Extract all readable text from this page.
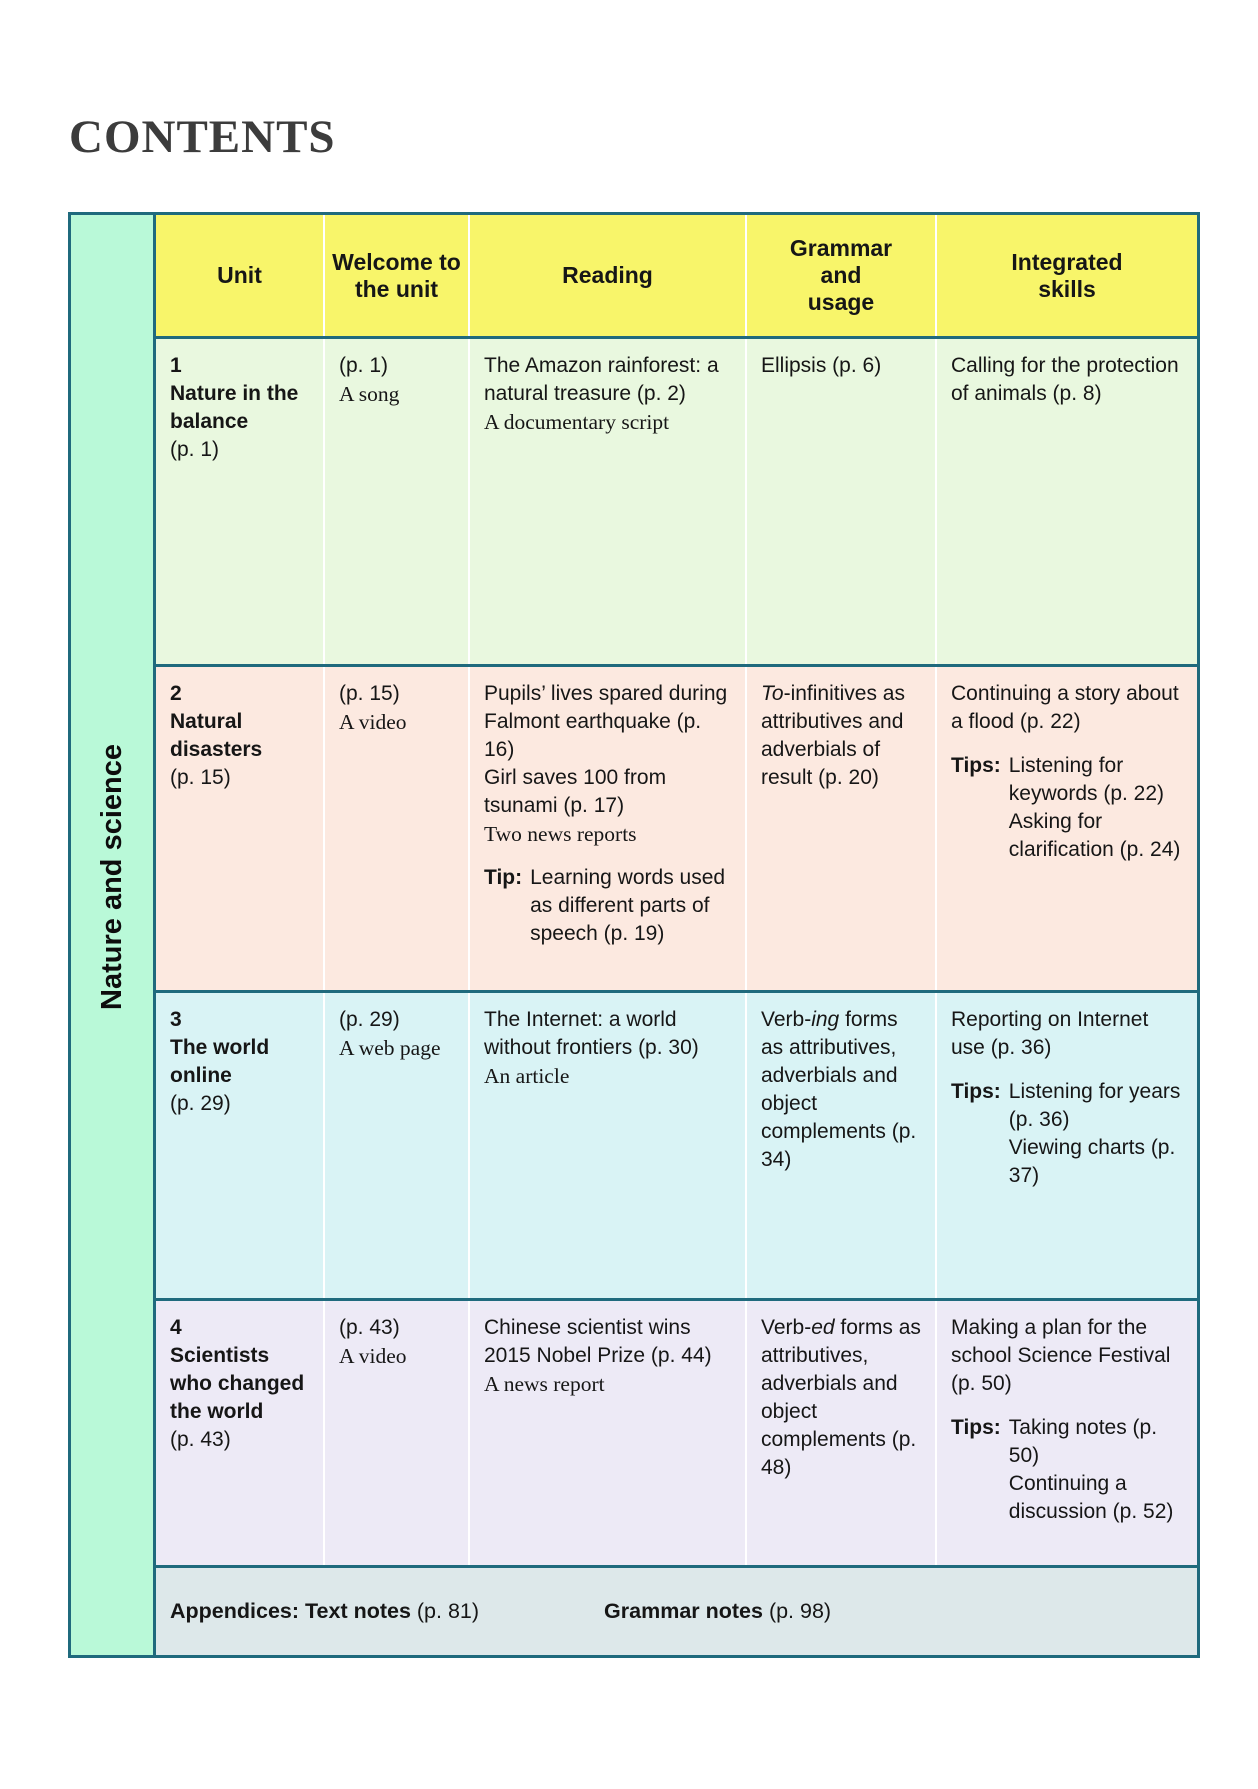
CONTENTS
Nature and science
Unit
Welcome to
the unit
Reading
Grammar
and
usage
Integrated
skills
1
Nature in the balance
(p. 1)
(p. 1)
A song
The Amazon rainforest: a natural treasure (p. 2)
A documentary script
Ellipsis (p. 6)	Calling for the protection of animals (p. 8)
2
Natural disasters
(p. 15)
(p. 15)
A video
Pupils’ lives spared during Falmont earthquake (p. 16)
Girl saves 100 from tsunami (p. 17)
Two news reports
Tip: Learning words used as different parts of speech (p. 19)
To-infinitives as attributives and adverbials of result (p. 20)
Continuing a story about a flood (p. 22)
Tips: Listening for keywords (p. 22)
Asking for clarification (p. 24)
3
The world online
(p. 29)
(p. 29)
A web page
The Internet: a world without frontiers (p. 30)
An article
Verb-ing forms as attributives, adverbials and object complements (p. 34)
Reporting on Internet use (p. 36)
Tips: Listening for years (p. 36)
Viewing charts (p. 37)
4
Scientists who changed the world
(p. 43)
(p. 43)
A video
Chinese scientist wins 2015 Nobel Prize (p. 44)
A news report
Verb-ed forms as attributives, adverbials and object complements (p. 48)
Making a plan for the school Science Festival (p. 50)
Tips: Taking notes (p. 50)
Continuing a discussion (p. 52)
Appendices: Text notes (p. 81)	Grammar notes (p. 98)
